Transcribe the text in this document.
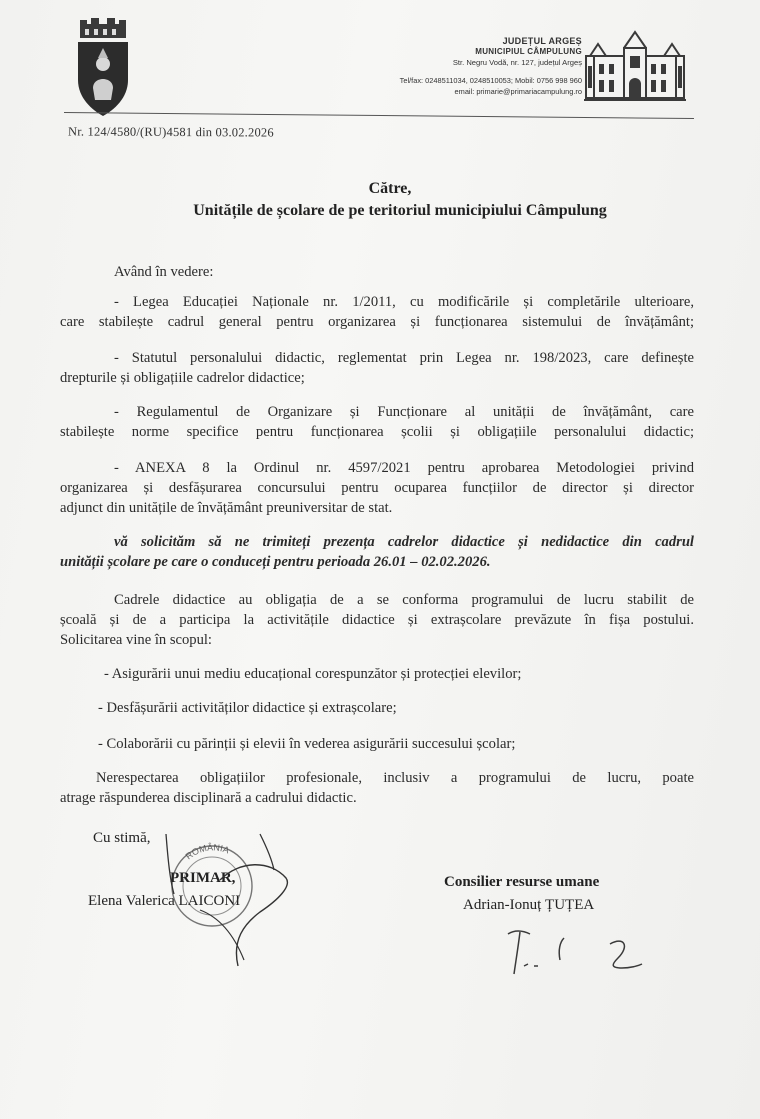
JUDEȚUL ARGEȘ
MUNICIPIUL CÂMPULUNG
Str. Negru Vodă, nr. 127, județul Argeș
Tel/fax: 0248511034, 0248510053; Mobil: 0756 998 960
email: primarie@primariacampulung.ro
Nr. 124/4580/(RU)4581 din 03.02.2026
Către,
Unitățile de școlare de pe teritoriul municipiului Câmpulung
Având în vedere:
- Legea Educației Naționale nr. 1/2011, cu modificările și completările ulterioare,
care stabilește cadrul general pentru organizarea și funcționarea sistemului de învățământ;
- Statutul personalului didactic, reglementat prin Legea nr. 198/2023, care definește
drepturile și obligațiile cadrelor didactice;
- Regulamentul de Organizare și Funcționare al unității de învățământ, care
stabilește norme specifice pentru funcționarea școlii și obligațiile personalului didactic;
- ANEXA 8 la Ordinul nr. 4597/2021 pentru aprobarea Metodologiei privind
organizarea și desfășurarea concursului pentru ocuparea funcțiilor de director și director
adjunct din unitățile de învățământ preuniversitar de stat.
vă solicităm să ne trimiteți prezența cadrelor didactice și nedidactice din cadrul
unității școlare pe care o conduceți pentru perioada 26.01 – 02.02.2026.
Cadrele didactice au obligația de a se conforma programului de lucru stabilit de
școală și de a participa la activitățile didactice și extrașcolare prevăzute în fișa postului.
Solicitarea vine în scopul:
- Asigurării unui mediu educațional corespunzător și protecției elevilor;
- Desfășurării activităților didactice și extrașcolare;
- Colaborării cu părinții și elevii în vederea asigurării succesului școlar;
Nerespectarea obligațiilor profesionale, inclusiv a programului de lucru, poate
atrage răspunderea disciplinară a cadrului didactic.
Cu stimă,
ROMÂNIA
PRIMAR,
Elena Valerica LAICONI
Consilier resurse umane
Adrian-Ionuț ȚUȚEA
